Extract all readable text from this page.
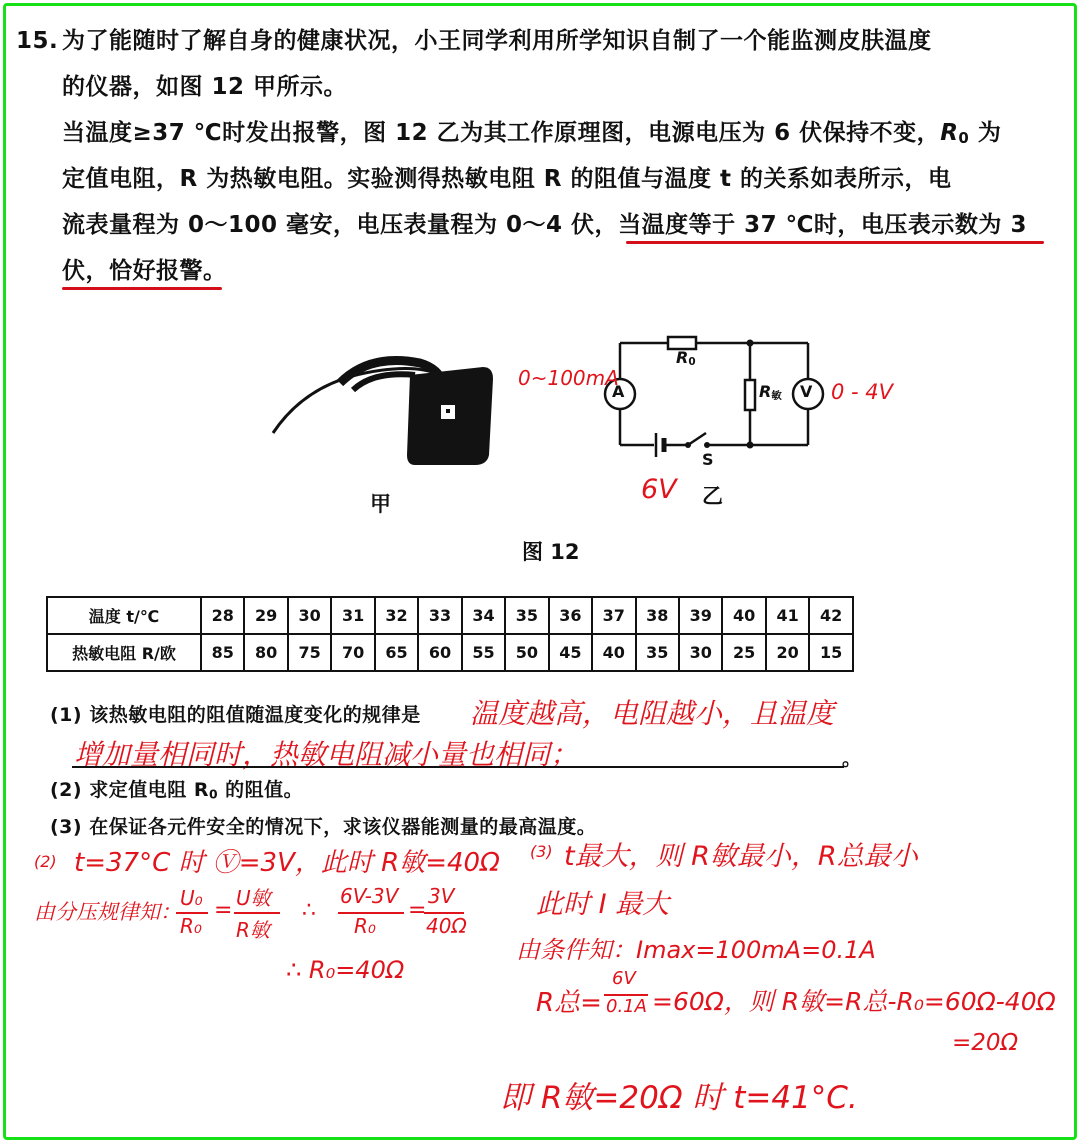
15. 为了能随时了解自身的健康状况，小王同学利用所学知识自制了一个能监测皮肤温度
的仪器，如图 12 甲所示。
当温度≥37 ℃时发出报警，图 12 乙为其工作原理图，电源电压为 6 伏保持不变，$R_0$ 为
定值电阻，R 为热敏电阻。实验测得热敏电阻 R 的阻值与温度 t 的关系如表所示，电
流表量程为 0～100 毫安，电压表量程为 0～4 伏，当温度等于 37 ℃时，电压表示数为 3
伏，恰好报警。
甲
A	V
$R_0$
$R_敏$
S
乙
0~100mA
0 - 4V
6V
图 12
温度 t/℃	28	29	30	31	32	33	34	35	36	37	38	39	40	41	42
热敏电阻 R/欧	85	80	75	70	65	60	55	50	45	40	35	30	25	20	15
(1) 该热敏电阻的阻值随温度变化的规律是 温度越高，电阻越小，且温度
增加量相同时，热敏电阻减小量也相同；	。
(2) 求定值电阻 $R_0$ 的阻值。
(3) 在保证各元件安全的情况下，求该仪器能测量的最高温度。
(2) t=37°C 时 Ⓥ=3V，此时 R敏=40Ω
由分压规律知：
U₀
R₀
= U敏
R敏
∴
6V-3V
R₀
=
3V
40Ω
∴ R₀=40Ω
(3) t最大，则 R敏最小，R总最小
此时 I 最大
由条件知：Imax=100mA=0.1A
R总=
6V
0.1A =60Ω，则 R敏=R总-R₀=60Ω-40Ω
=20Ω
即 R敏=20Ω 时 t=41°C.
